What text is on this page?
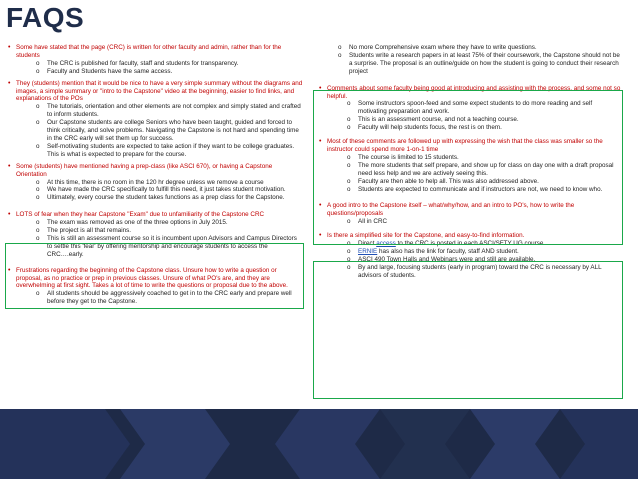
FAQS
• Some have stated that the page (CRC) is written for other faculty and admin, rather than for the students
o The CRC is published for faculty, staff and students for transparency.
o Faculty and Students have the same access.
• They (students) mention that it would be nice to have a very simple summary without the diagrams and images, a simple summary or "intro to the Capstone" video at the beginning, easier to find links, and explanations of the POs
o The tutorials, orientation and other elements are not complex and simply stated and crafted to inform students.
o Our Capstone students are college Seniors who have been taught, guided and forced to think critically, and solve problems. Navigating the Capstone is not hard and spending time in the CRC early will set them up for success.
o Self-motivating students are expected to take action if they want to be college graduates. This is what is expected to prepare for the course.
• Some (students) have mentioned having a prep-class (like ASCI 670), or having a Capstone Orientation
o At this time, there is no room in the 120 hr degree unless we remove a course
o We have made the CRC specifically to fulfill this need, it just takes student motivation.
o Ultimately, every course the student takes functions as a prep class for the Capstone.
• LOTS of fear when they hear Capstone "Exam" due to unfamiliarity of the Capstone CRC
o The exam was removed as one of the three options in July 2015.
o The project is all that remains.
o This is still an assessment course so it is incumbent upon Advisors and Campus Directors to settle this 'fear' by offering mentorship and encourage students to access the CRC….early.
• Frustrations regarding the beginning of the Capstone class. Unsure how to write a question or proposal, as no practice or prep in previous classes. Unsure of what PO's are, and they are overwhelming at first sight. Takes a lot of time to write the questions or proposal due to the above.
o All students should be aggressively coached to get in to the CRC early and prepare well before they get to the Capstone.
o No more Comprehensive exam where they have to write questions.
o Students write a research papers in at least 75% of their coursework, the Capstone should not be a surprise. The proposal is an outline/guide on how the student is going to conduct their research project
• Comments about some faculty being good at introducing and assisting with the process, and some not so helpful.
o Some instructors spoon-feed and some expect students to do more reading and self motivating preparation and work.
o This is an assessment course, and not a teaching course.
o Faculty will help students focus, the rest is on them.
• Most of these comments are followed up with expressing the wish that the class was smaller so the instructor could spend more 1-on-1 time
o The course is limited to 15 students.
o The more students that self prepare, and show up for class on day one with a draft proposal need less help and we are actively seeing this.
o Faculty are then able to help all. This was also addressed above.
o Students are expected to communicate and if instructors are not, we need to know who.
• A good intro to the Capstone itself – what/why/how, and an intro to PO's, how to write the questions/proposals
o All in CRC
• Is there a simplified site for the Capstone, and easy-to-find information.
o Direct access to the CRC is posted in each ASCI/SFTY UG course.
o ERNIE has also has the link for faculty, staff AND student.
o ASCI 490 Town Halls and Webinars were and still are available.
o By and large, focusing students (early in program) toward the CRC is necessary by ALL advisors of students.
